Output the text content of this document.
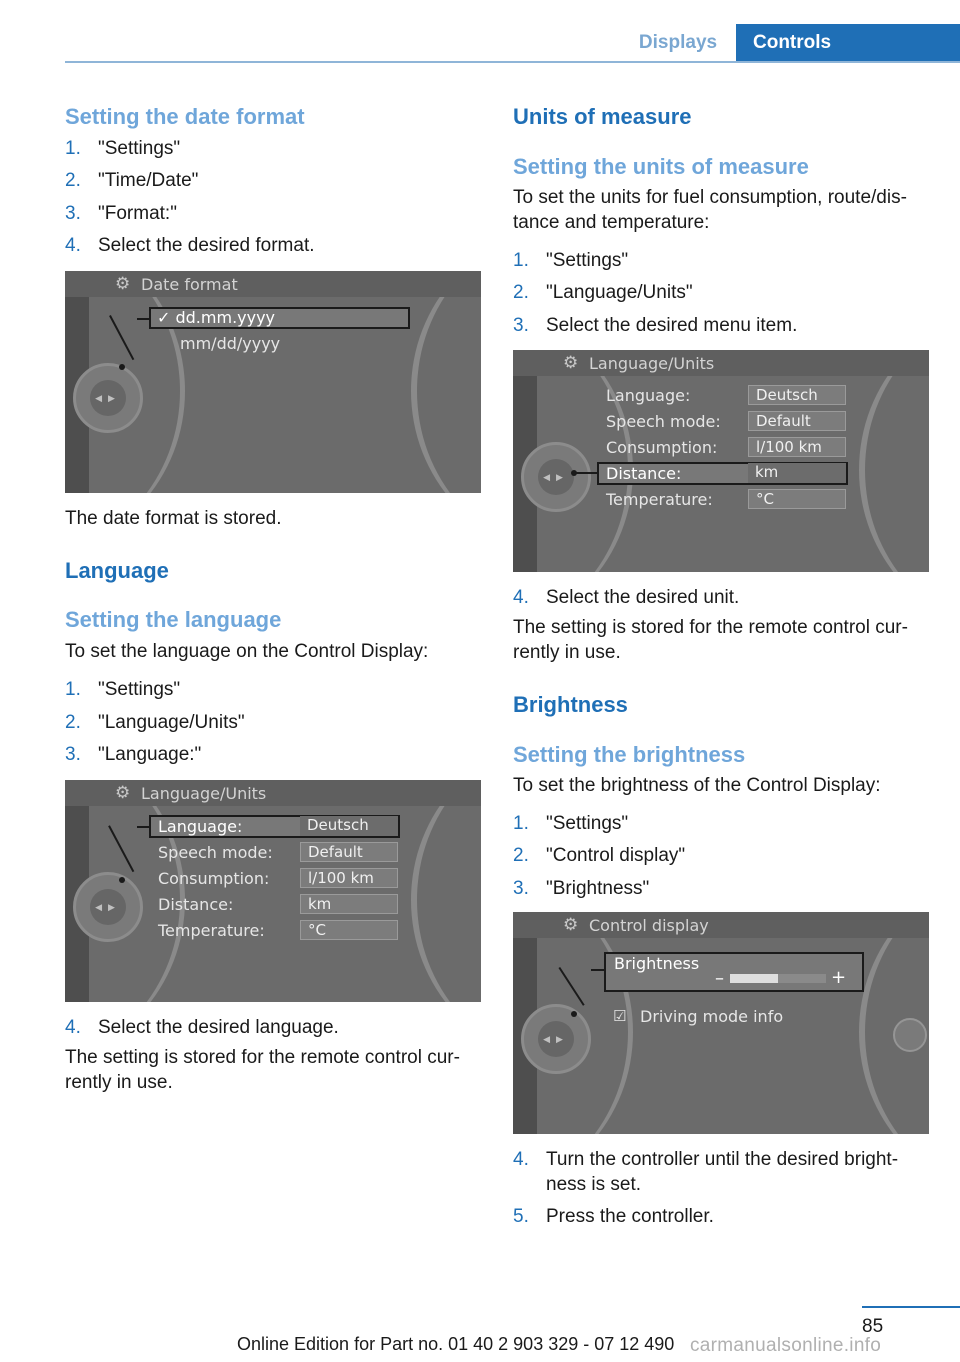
Displays	Controls
Setting the date format
1. "Settings"
2. "Time/Date"
3. "Format:"
4. Select the desired format.
⚙ Date format
✓ dd.mm.yyyy
mm/dd/yyyy
◀▶
The date format is stored.
Language
Setting the language
To set the language on the Control Display:
1. "Settings"
2. "Language/Units"
3. "Language:"
⚙ Language/Units
Language:	Deutsch
Speech mode:	Default
Consumption:	l/100 km
Distance:	km
Temperature:	°C
◀▶
4. Select the desired language.
The setting is stored for the remote control cur-rently in use.
Units of measure
Setting the units of measure
To set the units for fuel consumption, route/dis-tance and temperature:
1. "Settings"
2. "Language/Units"
3. Select the desired menu item.
⚙ Language/Units
Language:	Deutsch
Speech mode:	Default
Consumption:	l/100 km
Distance:	km
Temperature:	°C
◀▶
4. Select the desired unit.
The setting is stored for the remote control cur-rently in use.
Brightness
Setting the brightness
To set the brightness of the Control Display:
1. "Settings"
2. "Control display"
3. "Brightness"
⚙ Control display
Brightness
–	+
☑ Driving mode info
◀▶
4. Turn the controller until the desired bright-ness is set.
5. Press the controller.
85
Online Edition for Part no. 01 40 2 903 329 - 07 12 490 carmanualsonline.info
